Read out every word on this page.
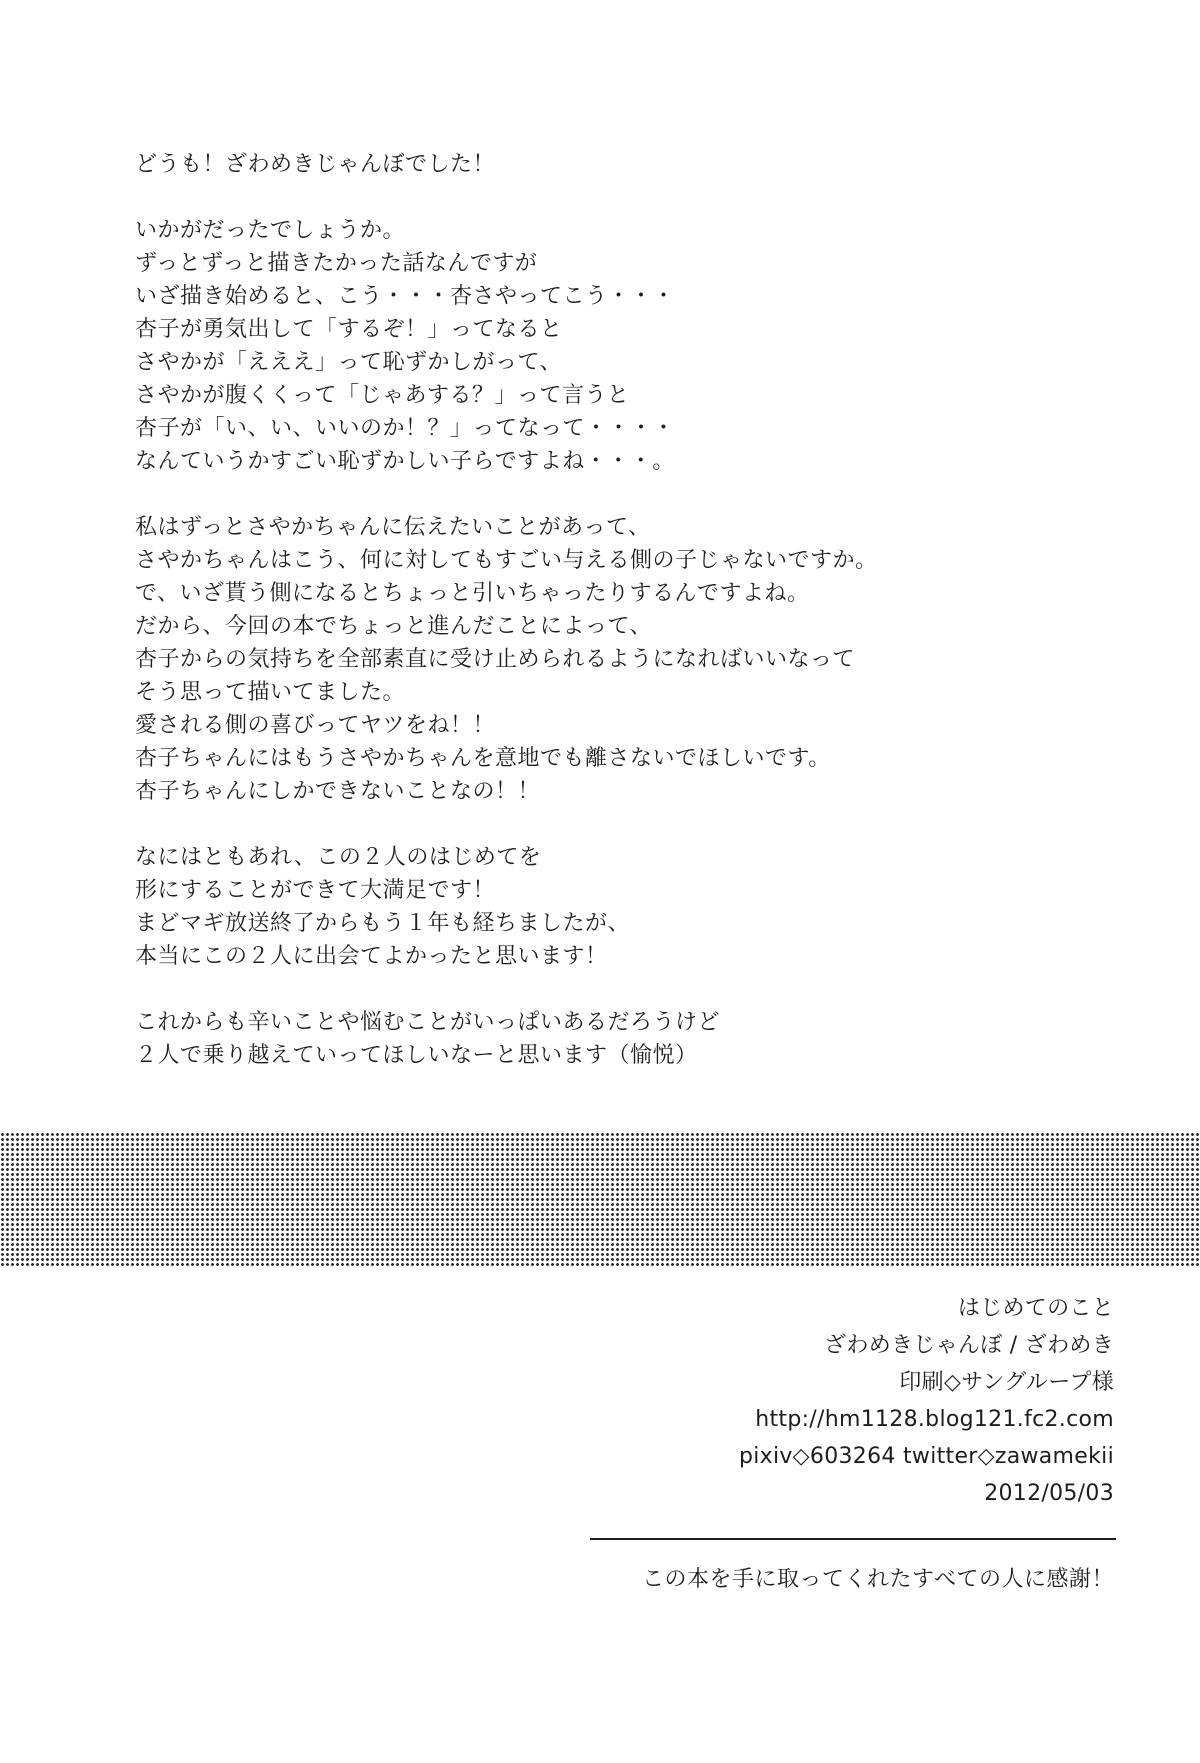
どうも！ざわめきじゃんぼでした！

いかがだったでしょうか。
ずっとずっと描きたかった話なんですが
いざ描き始めると、こう・・・杏さやってこう・・・
杏子が勇気出して「するぞ！」ってなると
さやかが「えええ」って恥ずかしがって、
さやかが腹くくって「じゃあする？」って言うと
杏子が「い、い、いいのか！？」ってなって・・・・
なんていうかすごい恥ずかしい子らですよね・・・。

私はずっとさやかちゃんに伝えたいことがあって、
さやかちゃんはこう、何に対してもすごい与える側の子じゃないですか。
で、いざ貰う側になるとちょっと引いちゃったりするんですよね。
だから、今回の本でちょっと進んだことによって、
杏子からの気持ちを全部素直に受け止められるようになればいいなって
そう思って描いてました。
愛される側の喜びってヤツをね！！
杏子ちゃんにはもうさやかちゃんを意地でも離さないでほしいです。
杏子ちゃんにしかできないことなの！！

なにはともあれ、この２人のはじめてを
形にすることができて大満足です！
まどマギ放送終了からもう１年も経ちましたが、
本当にこの２人に出会てよかったと思います！

これからも辛いことや悩むことがいっぱいあるだろうけど
２人で乗り越えていってほしいなーと思います（愉悦）

はじめてのこと
ざわめきじゃんぼ / ざわめき
印刷◇サングループ様
http://hm1128.blog121.fc2.com
pixiv◇603264 twitter◇zawamekii
2012/05/03
この本を手に取ってくれたすべての人に感謝！
